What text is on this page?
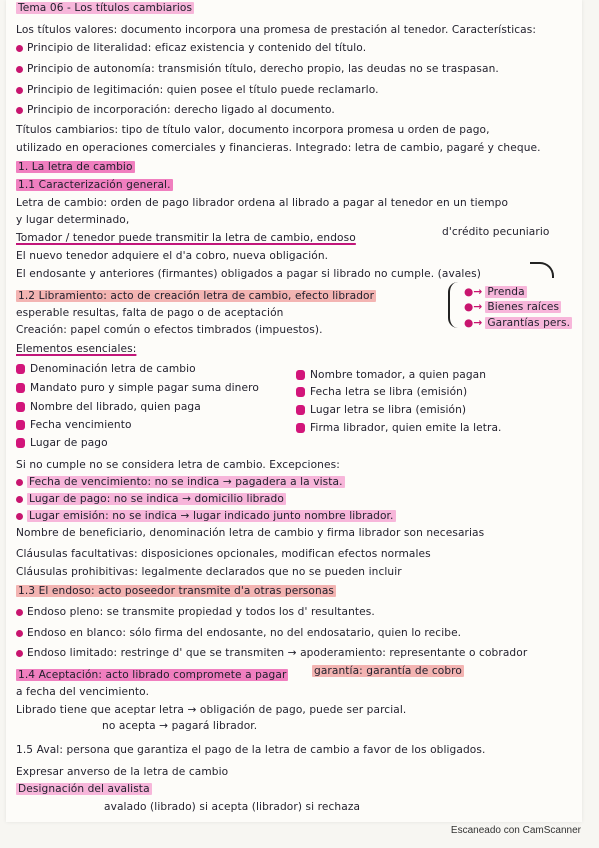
Tema 06 - Los títulos cambiarios
Los títulos valores: documento incorpora una promesa de prestación al tenedor. Características:
Principio de literalidad: eficaz existencia y contenido del título.
Principio de autonomía: transmisión título, derecho propio, las deudas no se traspasan.
Principio de legitimación: quien posee el título puede reclamarlo.
Principio de incorporación: derecho ligado al documento.
Títulos cambiarios: tipo de título valor, documento incorpora promesa u orden de pago,
utilizado en operaciones comerciales y financieras. Integrado: letra de cambio, pagaré y cheque.
1. La letra de cambio
1.1 Caracterización general.
Letra de cambio: orden de pago librador ordena al librado a pagar al tenedor en un tiempo
y lugar determinado,
Tomador / tenedor puede transmitir la letra de cambio, endoso	d'crédito pecuniario
El nuevo tenedor adquiere el d'a cobro, nueva obligación.
El endosante y anteriores (firmantes) obligados a pagar si librado no cumple. (avales)
1.2 Libramiento: acto de creación letra de cambio, efecto librador	●→ Prenda
esperable resultas, falta de pago o de aceptación	●→ Bienes raíces
Creación: papel común o efectos timbrados (impuestos).
●→ Garantías pers.
Elementos esenciales:
Denominación letra de cambio	Nombre tomador, a quien pagan
Mandato puro y simple pagar suma dinero	Fecha letra se libra (emisión)
Nombre del librado, quien paga	Lugar letra se libra (emisión)
Fecha vencimiento	Firma librador, quien emite la letra.
Lugar de pago
Si no cumple no se considera letra de cambio. Excepciones:
Fecha de vencimiento: no se indica → pagadera a la vista.
Lugar de pago: no se indica → domicilio librado
Lugar emisión: no se indica → lugar indicado junto nombre librador.
Nombre de beneficiario, denominación letra de cambio y firma librador son necesarias
Cláusulas facultativas: disposiciones opcionales, modifican efectos normales
Cláusulas prohibitivas: legalmente declarados que no se pueden incluir
1.3 El endoso: acto poseedor transmite d'a otras personas
Endoso pleno: se transmite propiedad y todos los d' resultantes.
Endoso en blanco: sólo firma del endosante, no del endosatario, quien lo recibe.
Endoso limitado: restringe d' que se transmiten → apoderamiento: representante o cobrador
garantía: garantía de cobro
1.4 Aceptación: acto librado compromete a pagar
a fecha del vencimiento.
Librado tiene que aceptar letra → obligación de pago, puede ser parcial.
no acepta → pagará librador.
1.5 Aval: persona que garantiza el pago de la letra de cambio a favor de los obligados.
Expresar anverso de la letra de cambio
Designación del avalista
avalado (librado) si acepta (librador) si rechaza
Escaneado con CamScanner
